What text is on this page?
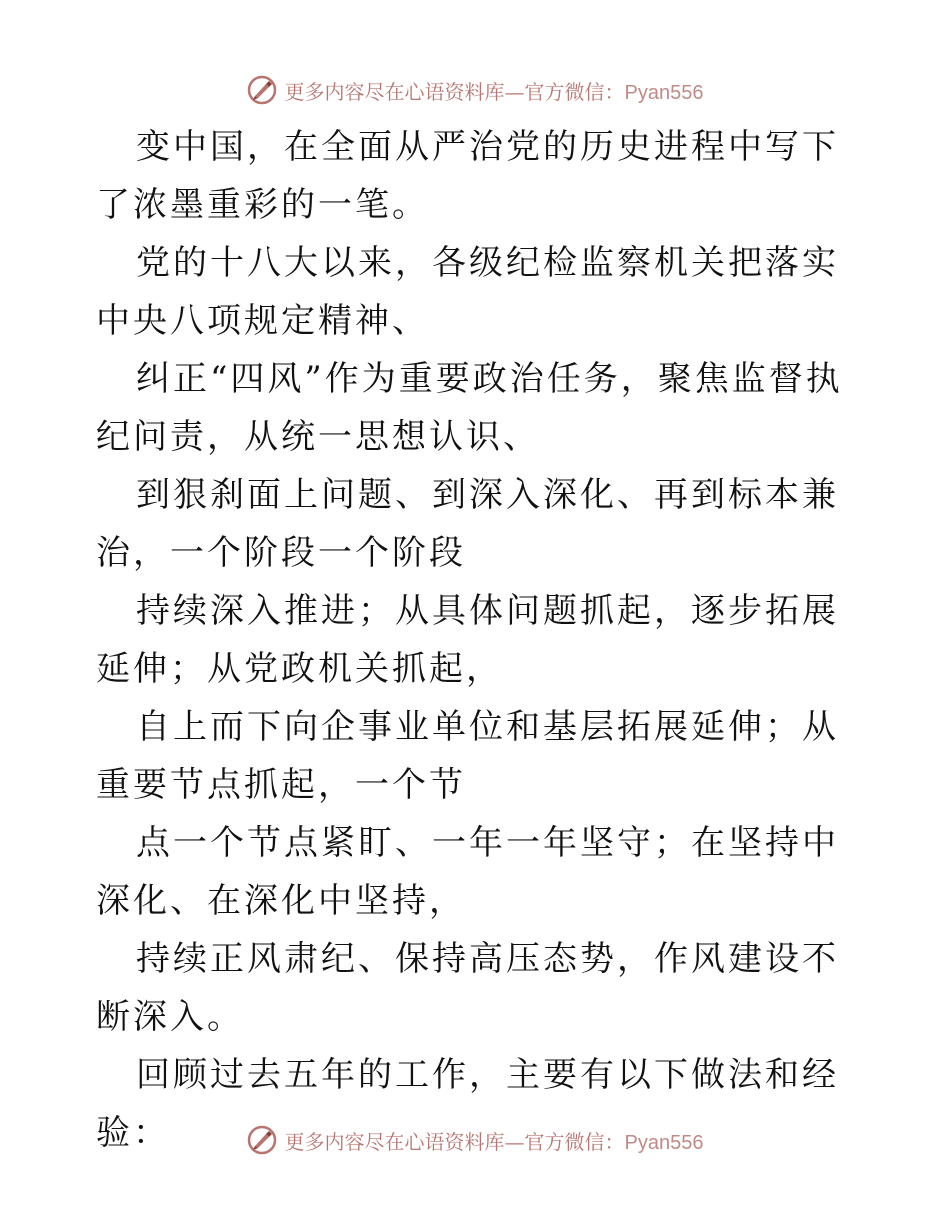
更多内容尽在心语资料库—官方微信：Pyan556

变中国，在全面从严治党的历史进程中写下了浓墨重彩的一笔。

党的十八大以来，各级纪检监察机关把落实中央八项规定精神、

纠正“四风”作为重要政治任务，聚焦监督执纪问责，从统一思想认识、

到狠刹面上问题、到深入深化、再到标本兼治，一个阶段一个阶段

持续深入推进；从具体问题抓起，逐步拓展延伸；从党政机关抓起，

自上而下向企事业单位和基层拓展延伸；从重要节点抓起，一个节

点一个节点紧盯、一年一年坚守；在坚持中深化、在深化中坚持，

持续正风肃纪、保持高压态势，作风建设不断深入。

回顾过去五年的工作，主要有以下做法和经验：	更多内容尽在心语资料库—官方微信：Pyan556
